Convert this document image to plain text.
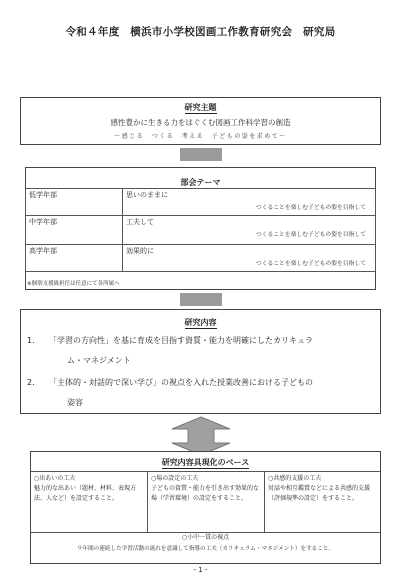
令和４年度　横浜市小学校図画工作教育研究会　研究局
研究主題
感性豊かに生きる力をはぐくむ図画工作科学習の創造
～感じる　つくる　考える　子どもの姿を求めて～
部会テーマ
低学年部	思いのままに
つくることを楽しむ子どもの姿を目指して

中学年部	工夫して
つくることを楽しむ子どもの姿を目指して

高学年部	効果的に
つくることを楽しむ子どもの姿を目指して
※個別支援級担任は任意にて各所属へ
研究内容
1． 「学習の方向性」を基に育成を目指す資質・能力を明確にしたカリキュラ
ム・マネジメント
2． 「主体的・対話的で深い学び」の視点を入れた授業改善における子どもの
姿容
研究内容具現化のベース
○出あいの工夫
魅力的な出あい（題材、材料、表現方法、人など）を設定すること。
○場の設定の工夫
子どもの資質・能力を引き出す効果的な場（学習環境）の設定をすること。
○共感的支援の工夫
対話や相互鑑賞などによる共感的支援（評価規準の設定）をすること。
○小中一貫の視点
９年間の連続した学習活動の流れを意識して指導の工夫（カリキュラム・マネジメント）をすること。
- 1 -
